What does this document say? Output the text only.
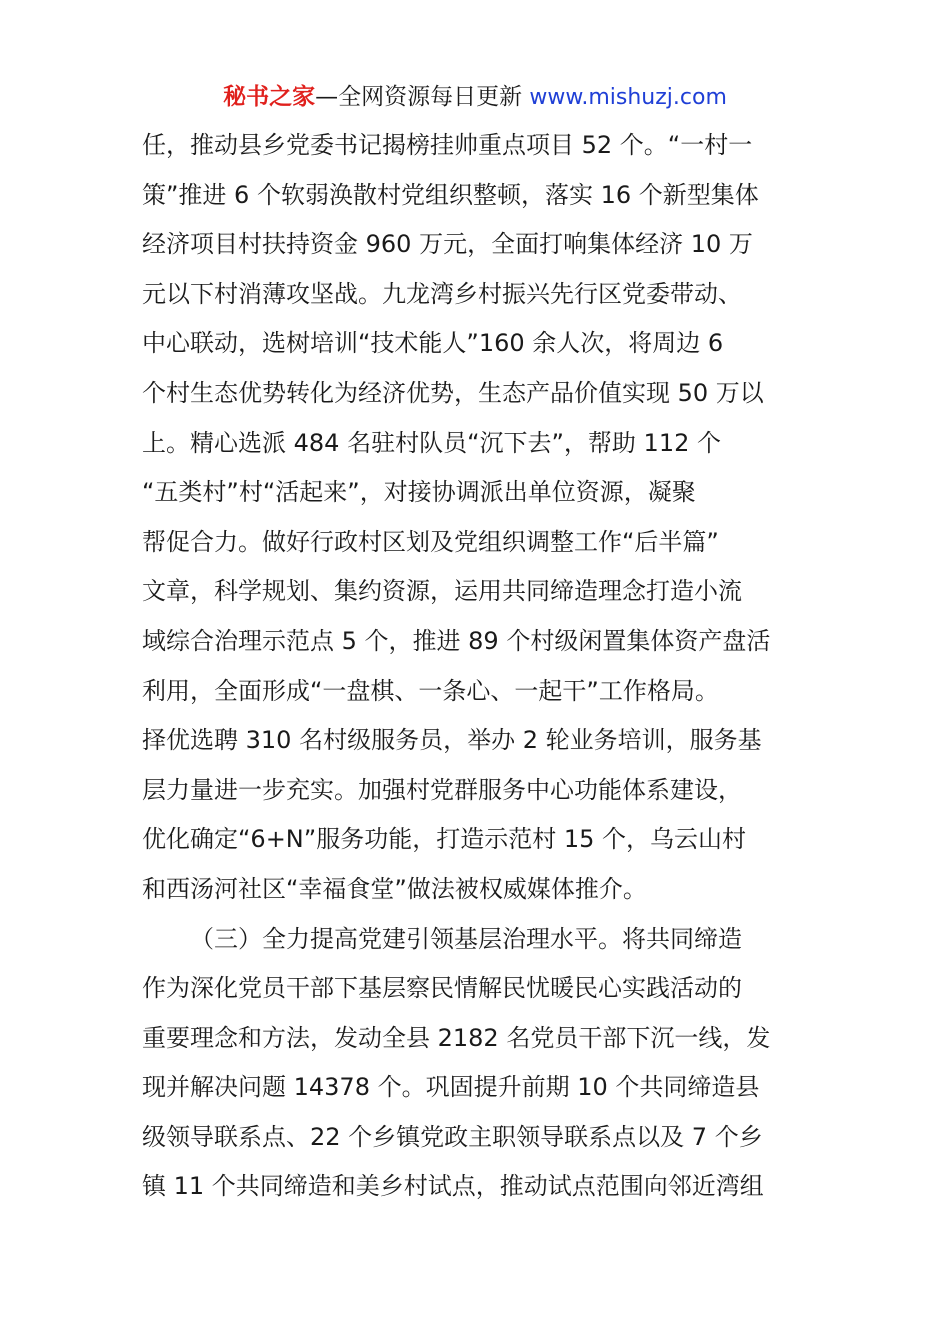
秘书之家—全网资源每日更新 www.mishuzj.com
任，推动县乡党委书记揭榜挂帅重点项目 52 个。“一村一
策”推进 6 个软弱涣散村党组织整顿，落实 16 个新型集体
经济项目村扶持资金 960 万元，全面打响集体经济 10 万
元以下村消薄攻坚战。九龙湾乡村振兴先行区党委带动、
中心联动，选树培训“技术能人”160 余人次，将周边 6
个村生态优势转化为经济优势，生态产品价值实现 50 万以
上。精心选派 484 名驻村队员“沉下去”，帮助 112 个
“五类村”村“活起来”，对接协调派出单位资源，凝聚
帮促合力。做好行政村区划及党组织调整工作“后半篇”
文章，科学规划、集约资源，运用共同缔造理念打造小流
域综合治理示范点 5 个，推进 89 个村级闲置集体资产盘活
利用，全面形成“一盘棋、一条心、一起干”工作格局。
择优选聘 310 名村级服务员，举办 2 轮业务培训，服务基
层力量进一步充实。加强村党群服务中心功能体系建设，
优化确定“6+N”服务功能，打造示范村 15 个，乌云山村
和西汤河社区“幸福食堂”做法被权威媒体推介。
（三）全力提高党建引领基层治理水平。将共同缔造
作为深化党员干部下基层察民情解民忧暖民心实践活动的
重要理念和方法，发动全县 2182 名党员干部下沉一线，发
现并解决问题 14378 个。巩固提升前期 10 个共同缔造县
级领导联系点、22 个乡镇党政主职领导联系点以及 7 个乡
镇 11 个共同缔造和美乡村试点，推动试点范围向邻近湾组
